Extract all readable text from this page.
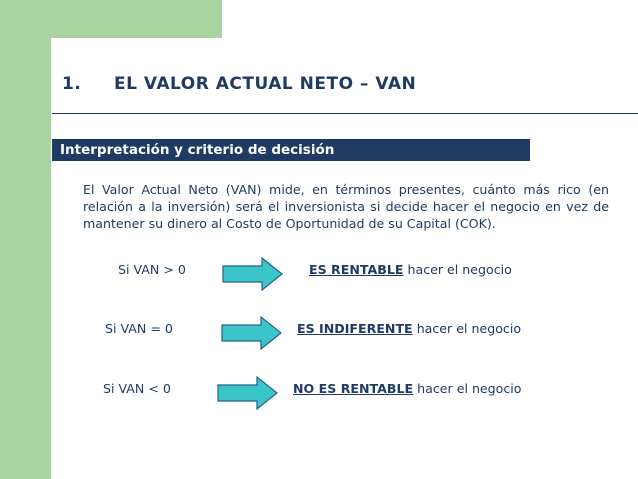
1. EL VALOR ACTUAL NETO – VAN
Interpretación y criterio de decisión
El Valor Actual Neto (VAN) mide, en términos presentes, cuánto más rico (en relación a la inversión) será el inversionista si decide hacer el negocio en vez de mantener su dinero al Costo de Oportunidad de su Capital (COK).
Si VAN > 0	ES RENTABLE hacer el negocio
Si VAN = 0	ES INDIFERENTE hacer el negocio
Si VAN < 0	NO ES RENTABLE hacer el negocio
